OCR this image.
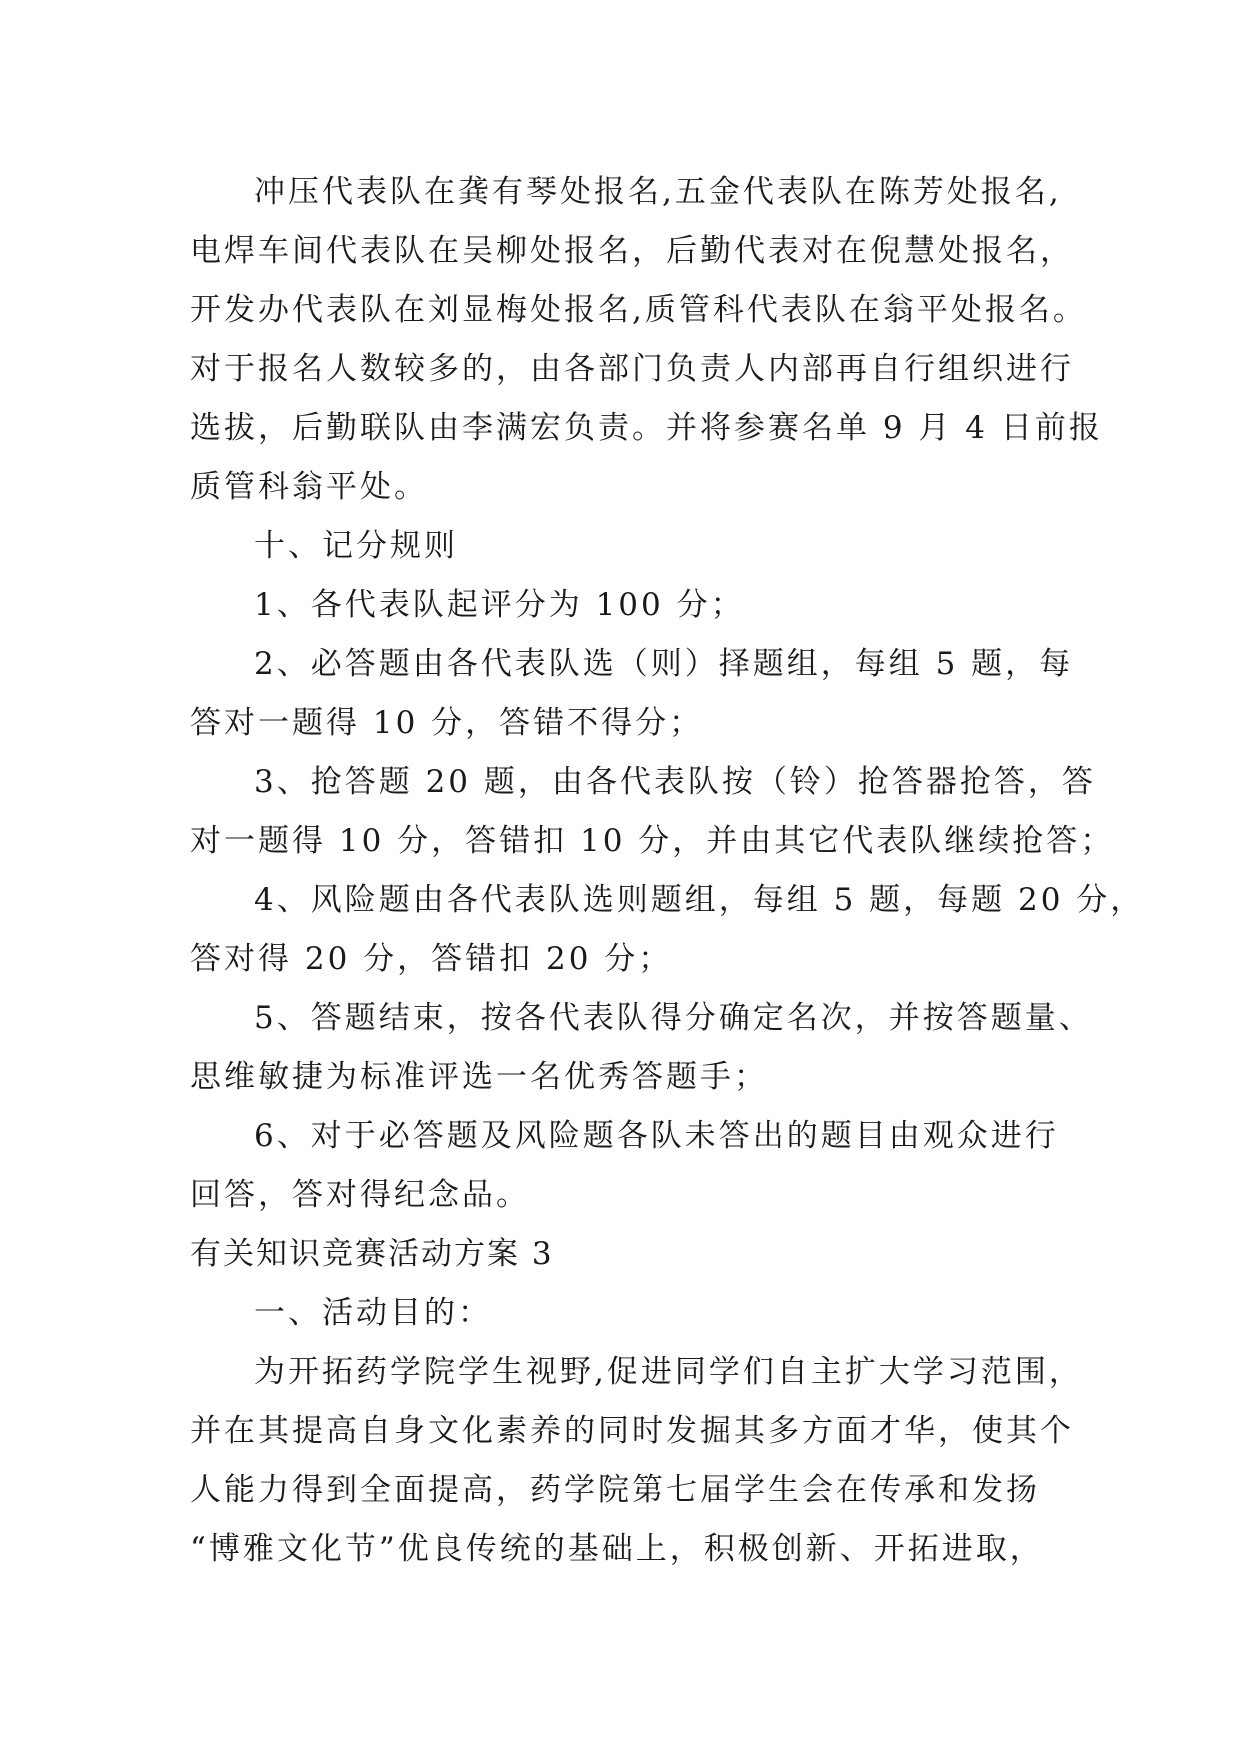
冲压代表队在龚有琴处报名,五金代表队在陈芳处报名,
电焊车间代表队在吴柳处报名，后勤代表对在倪慧处报名，
开发办代表队在刘显梅处报名,质管科代表队在翁平处报名。
对于报名人数较多的，由各部门负责人内部再自行组织进行
选拔，后勤联队由李满宏负责。并将参赛名单 9 月 4 日前报
质管科翁平处。
十、记分规则
1、各代表队起评分为 100 分；
2、必答题由各代表队选（则）择题组，每组 5 题，每
答对一题得 10 分，答错不得分；
3、抢答题 20 题，由各代表队按（铃）抢答器抢答，答
对一题得 10 分，答错扣 10 分，并由其它代表队继续抢答；
4、风险题由各代表队选则题组，每组 5 题，每题 20 分，
答对得 20 分，答错扣 20 分；
5、答题结束，按各代表队得分确定名次，并按答题量、
思维敏捷为标准评选一名优秀答题手；
6、对于必答题及风险题各队未答出的题目由观众进行
回答，答对得纪念品。
有关知识竞赛活动方案 3
一、活动目的：
为开拓药学院学生视野,促进同学们自主扩大学习范围，
并在其提高自身文化素养的同时发掘其多方面才华，使其个
人能力得到全面提高，药学院第七届学生会在传承和发扬
“博雅文化节”优良传统的基础上，积极创新、开拓进取，
